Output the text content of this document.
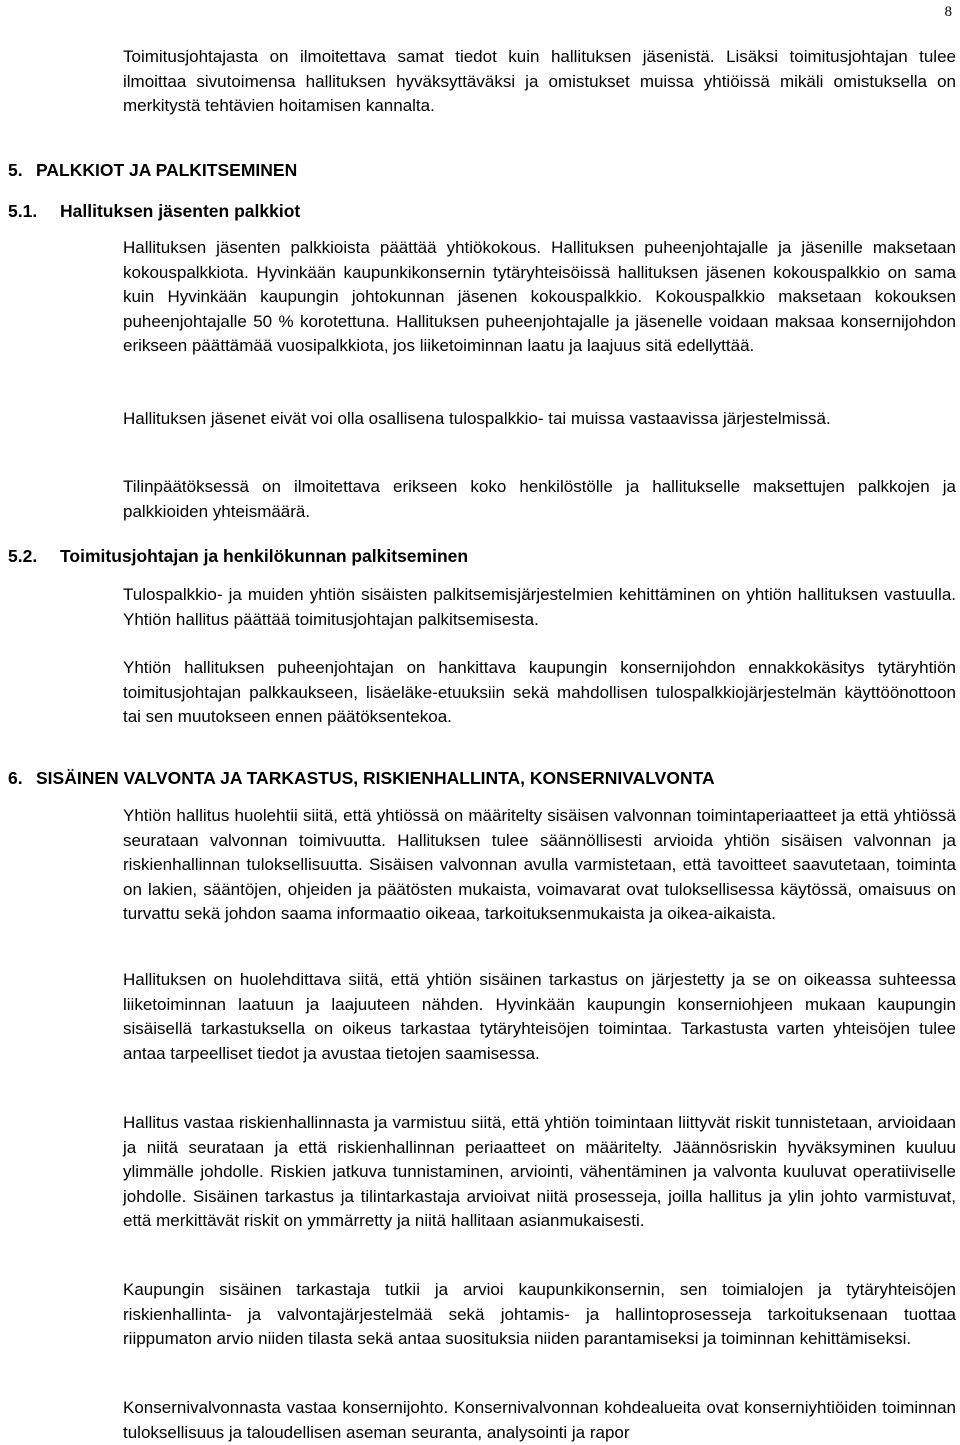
8

Toimitusjohtajasta on ilmoitettava samat tiedot kuin hallituksen jäsenistä. Lisäksi toimitusjohtajan tulee ilmoittaa sivutoimensa hallituksen hyväksyttäväksi ja omistukset muissa yhtiöissä mikäli omistuksella on merkitystä tehtävien hoitamisen kannalta.

5. PALKKIOT JA PALKITSEMINEN
5.1. Hallituksen jäsenten palkkiot

Hallituksen jäsenten palkkioista päättää yhtiökokous. Hallituksen puheenjohtajalle ja jäsenille maksetaan kokouspalkkiota. Hyvinkään kaupunkikonsernin tytäryhteisöissä hallituksen jäsenen kokouspalkkio on sama kuin Hyvinkään kaupungin johtokunnan jäsenen kokouspalkkio. Kokouspalkkio maksetaan kokouksen puheenjohtajalle 50 % korotettuna. Hallituksen puheenjohtajalle ja jäsenelle voidaan maksaa konsernijohdon erikseen päättämää vuosipalkkiota, jos liiketoiminnan laatu ja laajuus sitä edellyttää.

Hallituksen jäsenet eivät voi olla osallisena tulospalkkio- tai muissa vastaavissa järjestelmissä.

Tilinpäätöksessä on ilmoitettava erikseen koko henkilöstölle ja hallitukselle maksettujen palkkojen ja palkkioiden yhteismäärä.

5.2. Toimitusjohtajan ja henkilökunnan palkitseminen

Tulospalkkio- ja muiden yhtiön sisäisten palkitsemisjärjestelmien kehittäminen on yhtiön hallituksen vastuulla. Yhtiön hallitus päättää toimitusjohtajan palkitsemisesta.

Yhtiön hallituksen puheenjohtajan on hankittava kaupungin konsernijohdon ennakkokäsitys tytäryhtiön toimitusjohtajan palkkaukseen, lisäeläke-etuuksiin sekä mahdollisen tulospalkkiojärjestelmän käyttöönottoon tai sen muutokseen ennen päätöksentekoa.

6. SISÄINEN VALVONTA JA TARKASTUS, RISKIENHALLINTA, KONSERNIVALVONTA

Yhtiön hallitus huolehtii siitä, että yhtiössä on määritelty sisäisen valvonnan toimintaperiaatteet ja että yhtiössä seurataan valvonnan toimivuutta. Hallituksen tulee säännöllisesti arvioida yhtiön sisäisen valvonnan ja riskienhallinnan tuloksellisuutta. Sisäisen valvonnan avulla varmistetaan, että tavoitteet saavutetaan, toiminta on lakien, sääntöjen, ohjeiden ja päätösten mukaista, voimavarat ovat tuloksellisessa käytössä, omaisuus on turvattu sekä johdon saama informaatio oikeaa, tarkoituksenmukaista ja oikea-aikaista.

Hallituksen on huolehdittava siitä, että yhtiön sisäinen tarkastus on järjestetty ja se on oikeassa suhteessa liiketoiminnan laatuun ja laajuuteen nähden. Hyvinkään kaupungin konserniohjeen mukaan kaupungin sisäisellä tarkastuksella on oikeus tarkastaa tytäryhteisöjen toimintaa. Tarkastusta varten yhteisöjen tulee antaa tarpeelliset tiedot ja avustaa tietojen saamisessa.

Hallitus vastaa riskienhallinnasta ja varmistuu siitä, että yhtiön toimintaan liittyvät riskit tunnistetaan, arvioidaan ja niitä seurataan ja että riskienhallinnan periaatteet on määritelty. Jäännösriskin hyväksyminen kuuluu ylimmälle johdolle. Riskien jatkuva tunnistaminen, arviointi, vähentäminen ja valvonta kuuluvat operatiiviselle johdolle. Sisäinen tarkastus ja tilintarkastaja arvioivat niitä prosesseja, joilla hallitus ja ylin johto varmistuvat, että merkittävät riskit on ymmärretty ja niitä hallitaan asianmukaisesti.

Kaupungin sisäinen tarkastaja tutkii ja arvioi kaupunkikonsernin, sen toimialojen ja tytäryhteisöjen riskienhallinta- ja valvontajärjestelmää sekä johtamis- ja hallintoprosesseja tarkoituksenaan tuottaa riippumaton arvio niiden tilasta sekä antaa suosituksia niiden parantamiseksi ja toiminnan kehittämiseksi.

Konsernivalvonnasta vastaa konsernijohto. Konsernivalvonnan kohdealueita ovat konserniyhtiöiden toiminnan tuloksellisuus ja taloudellisen aseman seuranta, analysointi ja rapor
